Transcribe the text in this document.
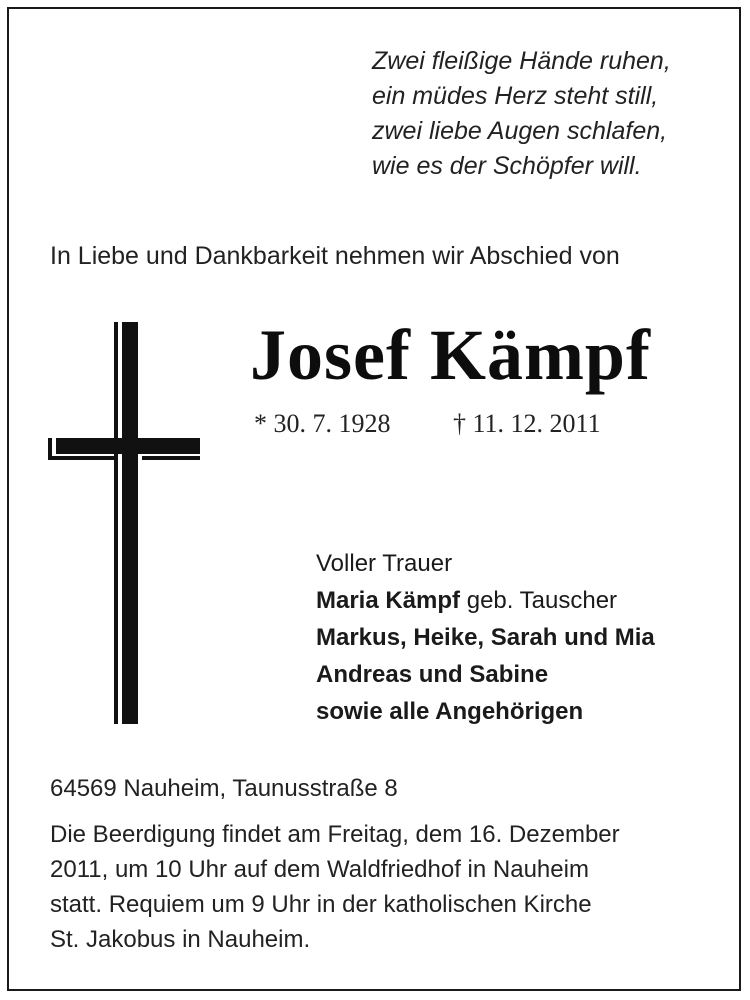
Zwei fleißige Hände ruhen,
ein müdes Herz steht still,
zwei liebe Augen schlafen,
wie es der Schöpfer will.
In Liebe und Dankbarkeit nehmen wir Abschied von
Josef Kämpf
* 30. 7. 1928 † 11. 12. 2011
Voller Trauer
Maria Kämpf geb. Tauscher
Markus, Heike, Sarah und Mia
Andreas und Sabine
sowie alle Angehörigen
64569 Nauheim, Taunusstraße 8
Die Beerdigung findet am Freitag, dem 16. Dezember
2011, um 10 Uhr auf dem Waldfriedhof in Nauheim
statt. Requiem um 9 Uhr in der katholischen Kirche
St. Jakobus in Nauheim.
